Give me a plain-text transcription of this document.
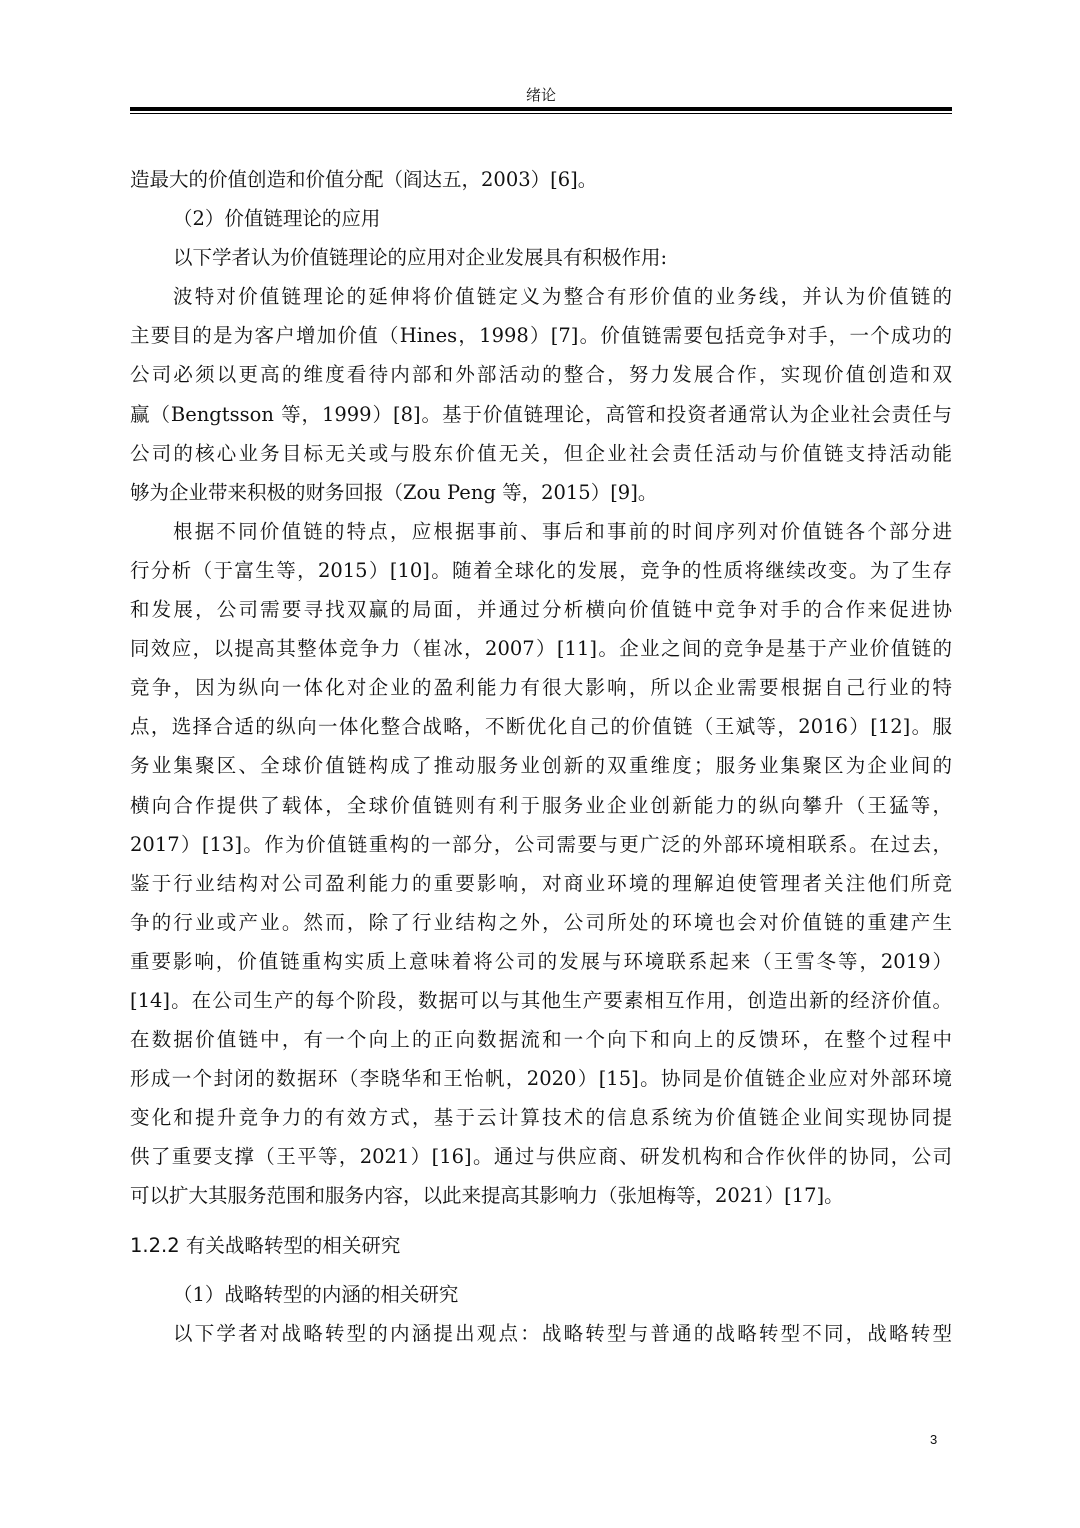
绪论
造最大的价值创造和价值分配（阎达五，2003）[6]。
（2）价值链理论的应用
以下学者认为价值链理论的应用对企业发展具有积极作用:
波特对价值链理论的延伸将价值链定义为整合有形价值的业务线，并认为价值链的
主要目的是为客户增加价值（Hines，1998）[7]。价值链需要包括竞争对手，一个成功的
公司必须以更高的维度看待内部和外部活动的整合，努力发展合作，实现价值创造和双
赢（Bengtsson 等，1999）[8]。基于价值链理论，高管和投资者通常认为企业社会责任与
公司的核心业务目标无关或与股东价值无关，但企业社会责任活动与价值链支持活动能
够为企业带来积极的财务回报（Zou Peng 等，2015）[9]。
根据不同价值链的特点，应根据事前、事后和事前的时间序列对价值链各个部分进
行分析（于富生等，2015）[10]。随着全球化的发展，竞争的性质将继续改变。为了生存
和发展，公司需要寻找双赢的局面，并通过分析横向价值链中竞争对手的合作来促进协
同效应，以提高其整体竞争力（崔冰，2007）[11]。企业之间的竞争是基于产业价值链的
竞争，因为纵向一体化对企业的盈利能力有很大影响，所以企业需要根据自己行业的特
点，选择合适的纵向一体化整合战略，不断优化自己的价值链（王斌等，2016）[12]。服
务业集聚区、全球价值链构成了推动服务业创新的双重维度；服务业集聚区为企业间的
横向合作提供了载体，全球价值链则有利于服务业企业创新能力的纵向攀升（王猛等，
2017）[13]。作为价值链重构的一部分，公司需要与更广泛的外部环境相联系。在过去，
鉴于行业结构对公司盈利能力的重要影响，对商业环境的理解迫使管理者关注他们所竞
争的行业或产业。然而，除了行业结构之外，公司所处的环境也会对价值链的重建产生
重要影响，价值链重构实质上意味着将公司的发展与环境联系起来（王雪冬等，2019）
[14]。在公司生产的每个阶段，数据可以与其他生产要素相互作用，创造出新的经济价值。
在数据价值链中，有一个向上的正向数据流和一个向下和向上的反馈环，在整个过程中
形成一个封闭的数据环（李晓华和王怡帆，2020）[15]。协同是价值链企业应对外部环境
变化和提升竞争力的有效方式，基于云计算技术的信息系统为价值链企业间实现协同提
供了重要支撑（王平等，2021）[16]。通过与供应商、研发机构和合作伙伴的协同，公司
可以扩大其服务范围和服务内容，以此来提高其影响力（张旭梅等，2021）[17]。
1.2.2 有关战略转型的相关研究
（1）战略转型的内涵的相关研究
以下学者对战略转型的内涵提出观点：战略转型与普通的战略转型不同，战略转型
3
